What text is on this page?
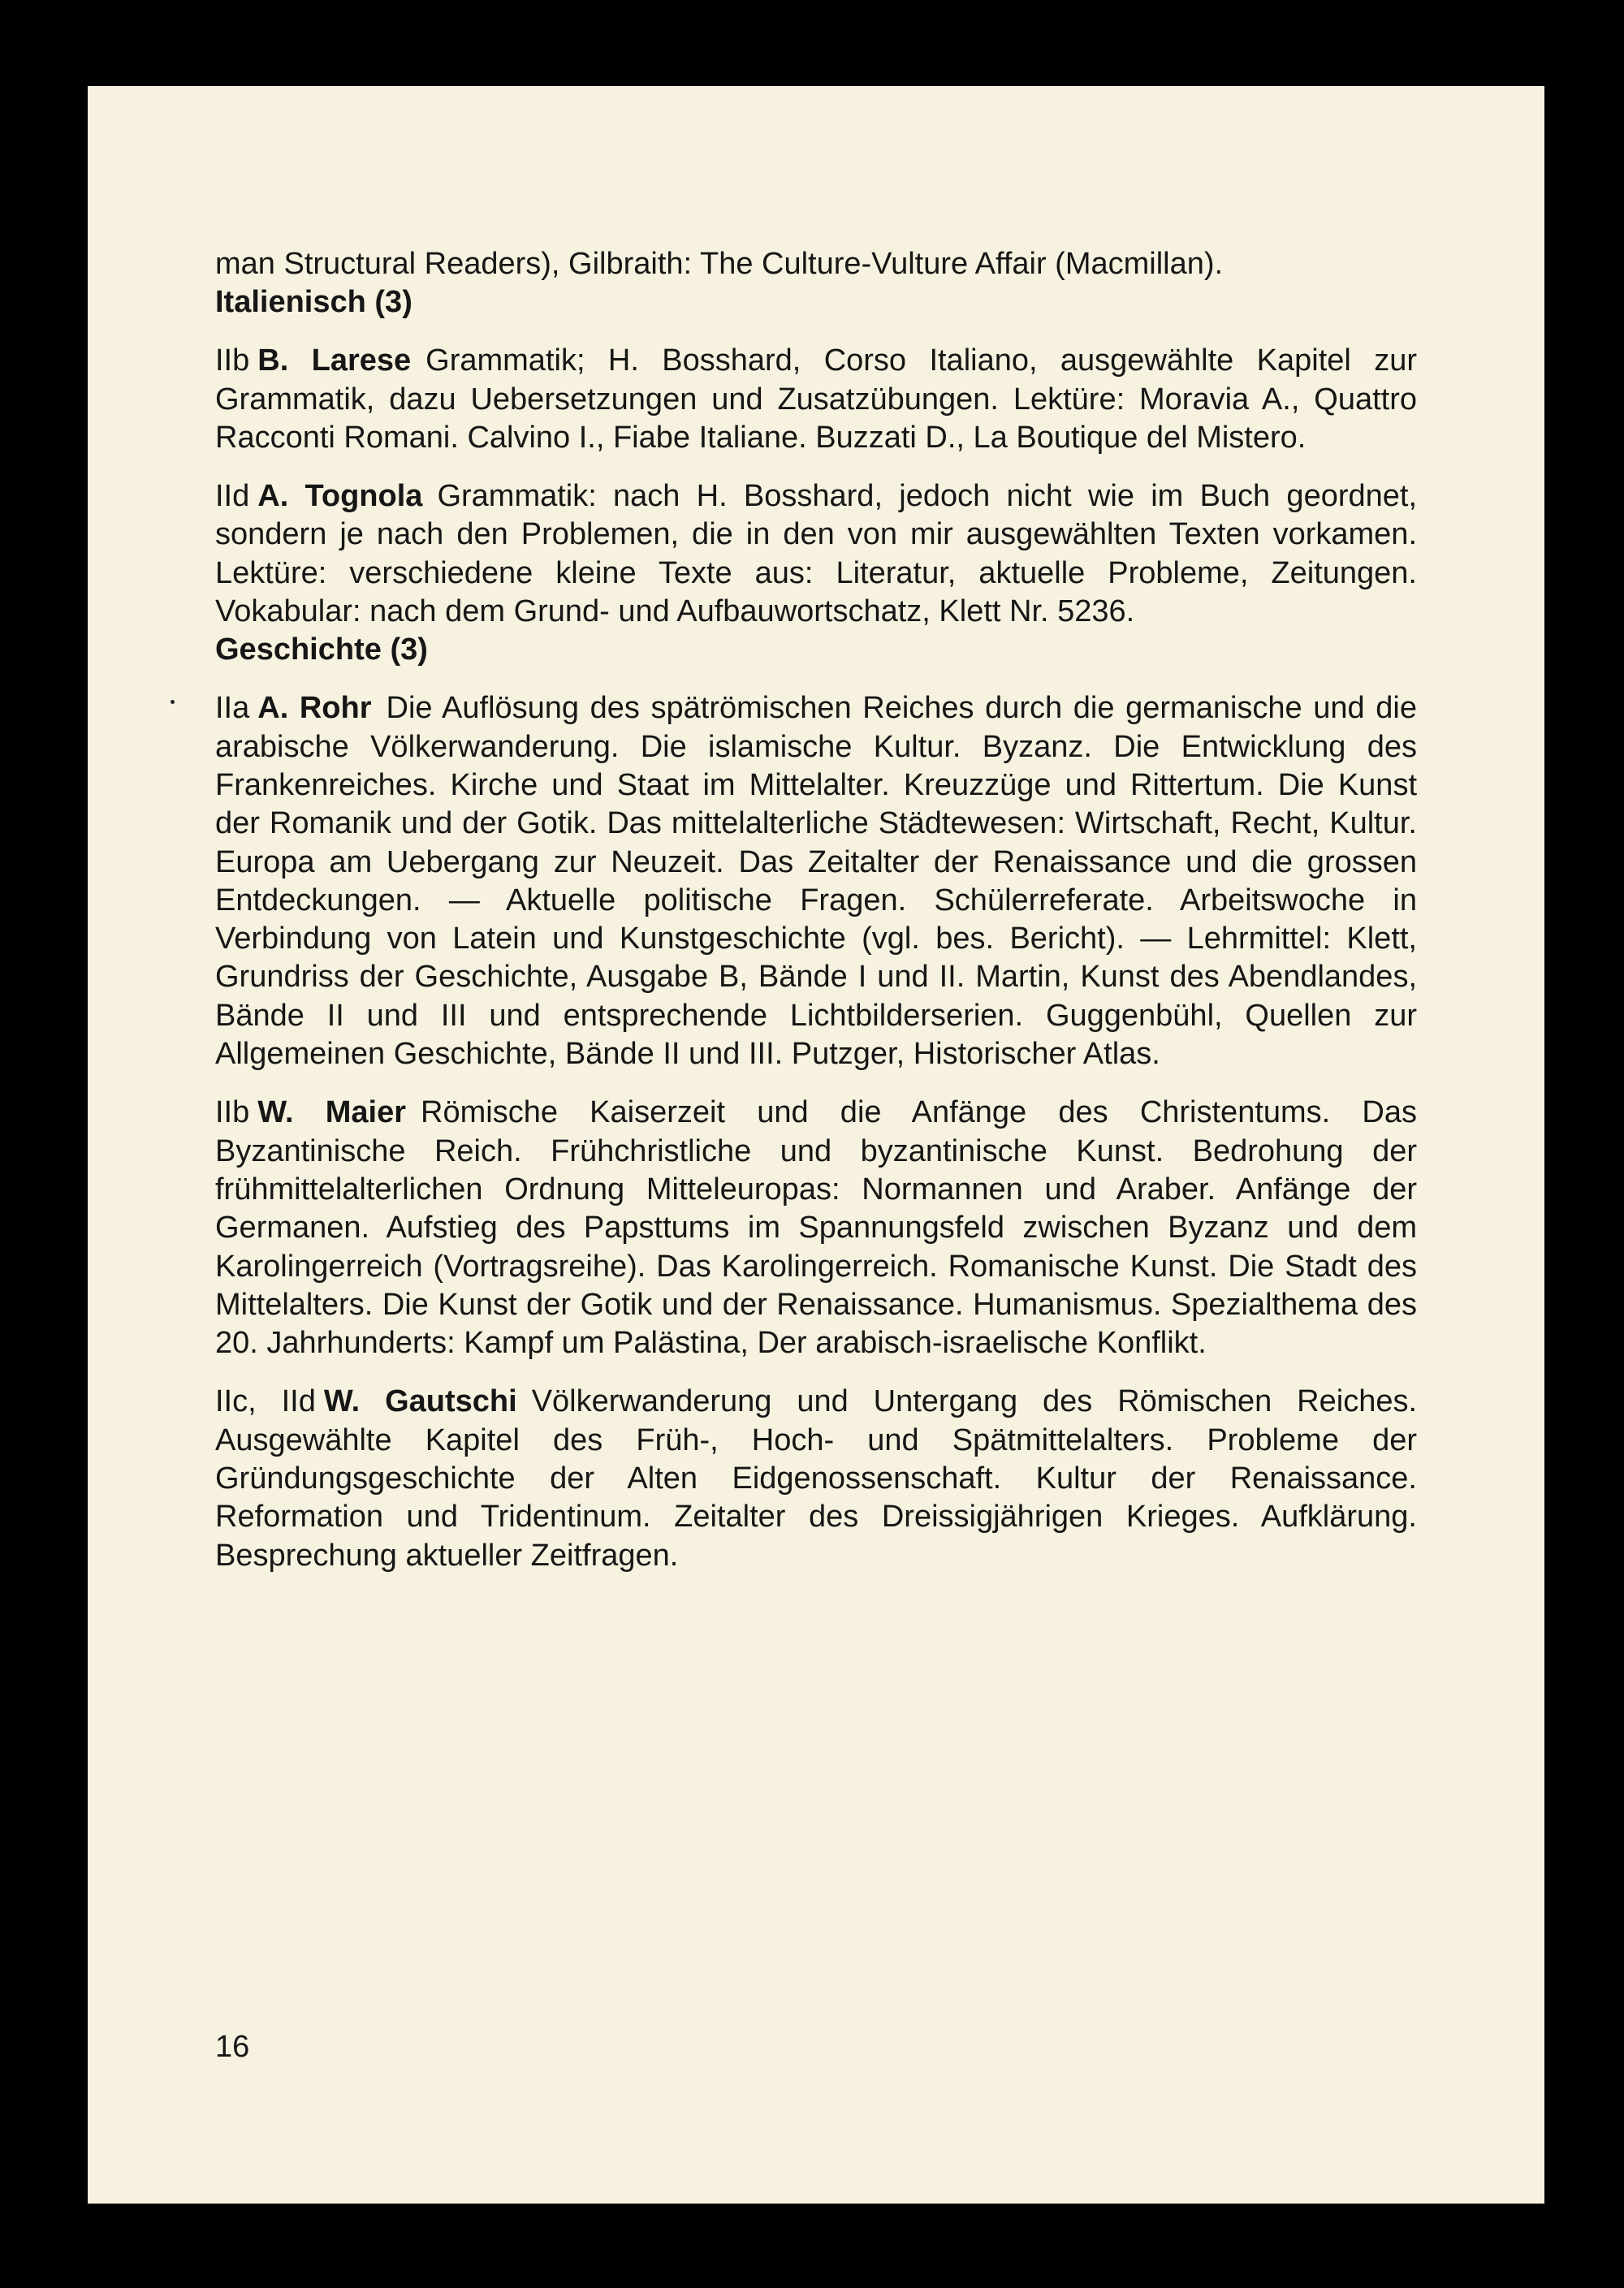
man Structural Readers), Gilbraith: The Culture-Vulture Affair (Macmillan).

Italienisch (3)

IIb B. Larese Grammatik; H. Bosshard, Corso Italiano, ausgewählte Kapitel zur Grammatik, dazu Uebersetzungen und Zusatzübungen. Lektüre: Moravia A., Quattro Racconti Romani. Calvino I., Fiabe Italiane. Buzzati D., La Boutique del Mistero.

IId A. Tognola Grammatik: nach H. Bosshard, jedoch nicht wie im Buch geordnet, sondern je nach den Problemen, die in den von mir ausgewählten Texten vorkamen. Lektüre: verschiedene kleine Texte aus: Literatur, aktuelle Probleme, Zeitungen. Vokabular: nach dem Grund- und Aufbauwortschatz, Klett Nr. 5236.

Geschichte (3)

IIa A. Rohr Die Auflösung des spätrömischen Reiches durch die germanische und die arabische Völkerwanderung. Die islamische Kultur. Byzanz. Die Entwicklung des Frankenreiches. Kirche und Staat im Mittelalter. Kreuzzüge und Rittertum. Die Kunst der Romanik und der Gotik. Das mittelalterliche Städtewesen: Wirtschaft, Recht, Kultur. Europa am Uebergang zur Neuzeit. Das Zeitalter der Renaissance und die grossen Entdeckungen. — Aktuelle politische Fragen. Schülerreferate. Arbeitswoche in Verbindung von Latein und Kunstgeschichte (vgl. bes. Bericht). — Lehrmittel: Klett, Grundriss der Geschichte, Ausgabe B, Bände I und II. Martin, Kunst des Abendlandes, Bände II und III und entsprechende Lichtbilderserien. Guggenbühl, Quellen zur Allgemeinen Geschichte, Bände II und III. Putzger, Historischer Atlas.

IIb W. Maier Römische Kaiserzeit und die Anfänge des Christentums. Das Byzantinische Reich. Frühchristliche und byzantinische Kunst. Bedrohung der frühmittelalterlichen Ordnung Mitteleuropas: Normannen und Araber. Anfänge der Germanen. Aufstieg des Papsttums im Spannungsfeld zwischen Byzanz und dem Karolingerreich (Vortragsreihe). Das Karolingerreich. Romanische Kunst. Die Stadt des Mittelalters. Die Kunst der Gotik und der Renaissance. Humanismus. Spezialthema des 20. Jahrhunderts: Kampf um Palästina, Der arabisch-israelische Konflikt.

IIc, IId W. Gautschi Völkerwanderung und Untergang des Römischen Reiches. Ausgewählte Kapitel des Früh-, Hoch- und Spätmittelalters. Probleme der Gründungsgeschichte der Alten Eidgenossenschaft. Kultur der Renaissance. Reformation und Tridentinum. Zeitalter des Dreissigjährigen Krieges. Aufklärung. Besprechung aktueller Zeitfragen.

16
